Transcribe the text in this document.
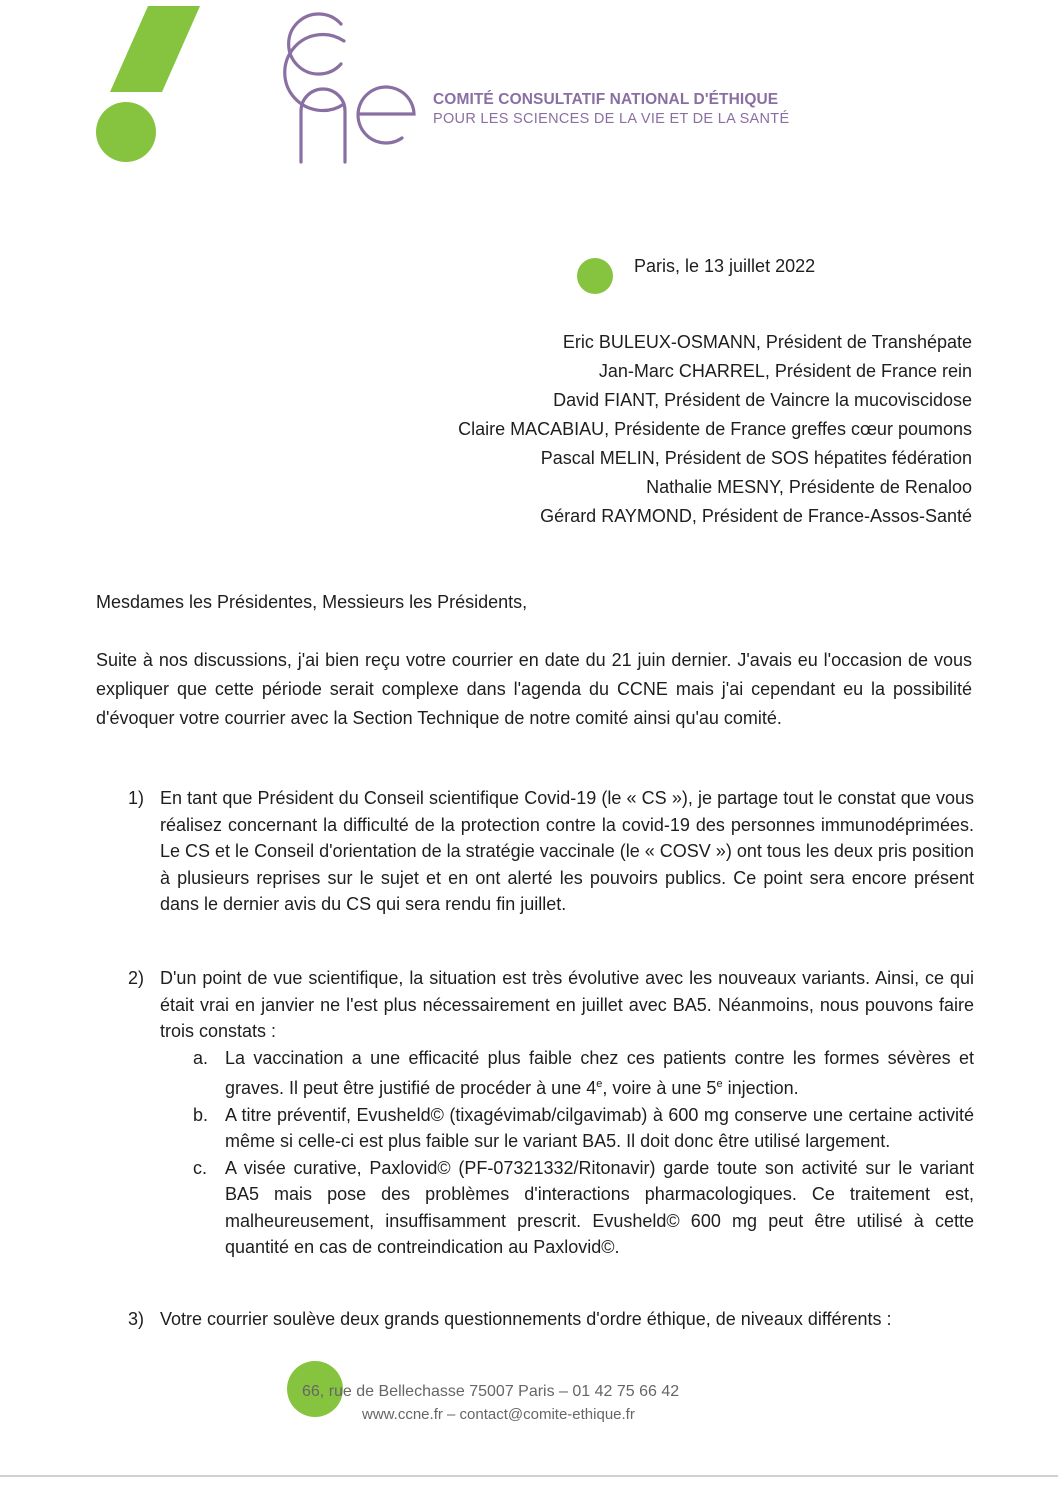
COMITÉ CONSULTATIF NATIONAL D'ÉTHIQUE
POUR LES SCIENCES DE LA VIE ET DE LA SANTÉ
Paris, le 13 juillet 2022
Eric BULEUX-OSMANN, Président de Transhépate
Jan-Marc CHARREL, Président de France rein
David FIANT, Président de Vaincre la mucoviscidose
Claire MACABIAU, Présidente de France greffes cœur poumons
Pascal MELIN, Président de SOS hépatites fédération
Nathalie MESNY, Présidente de Renaloo
Gérard RAYMOND, Président de France-Assos-Santé
Mesdames les Présidentes, Messieurs les Présidents,
Suite à nos discussions, j'ai bien reçu votre courrier en date du 21 juin dernier. J'avais eu l'occasion de vous expliquer que cette période serait complexe dans l'agenda du CCNE mais j'ai cependant eu la possibilité d'évoquer votre courrier avec la Section Technique de notre comité ainsi qu'au comité.
1) En tant que Président du Conseil scientifique Covid-19 (le « CS »), je partage tout le constat que vous réalisez concernant la difficulté de la protection contre la covid-19 des personnes immunodéprimées. Le CS et le Conseil d'orientation de la stratégie vaccinale (le « COSV ») ont tous les deux pris position à plusieurs reprises sur le sujet et en ont alerté les pouvoirs publics. Ce point sera encore présent dans le dernier avis du CS qui sera rendu fin juillet.
2) D'un point de vue scientifique, la situation est très évolutive avec les nouveaux variants. Ainsi, ce qui était vrai en janvier ne l'est plus nécessairement en juillet avec BA5. Néanmoins, nous pouvons faire trois constats :
a. La vaccination a une efficacité plus faible chez ces patients contre les formes sévères et graves. Il peut être justifié de procéder à une 4e, voire à une 5e injection.
b. A titre préventif, Evusheld© (tixagévimab/cilgavimab) à 600 mg conserve une certaine activité même si celle-ci est plus faible sur le variant BA5. Il doit donc être utilisé largement.
c. A visée curative, Paxlovid© (PF-07321332/Ritonavir) garde toute son activité sur le variant BA5 mais pose des problèmes d'interactions pharmacologiques. Ce traitement est, malheureusement, insuffisamment prescrit. Evusheld© 600 mg peut être utilisé à cette quantité en cas de contreindication au Paxlovid©.
3) Votre courrier soulève deux grands questionnements d'ordre éthique, de niveaux différents :
66, rue de Bellechasse 75007 Paris – 01 42 75 66 42
www.ccne.fr – contact@comite-ethique.fr
